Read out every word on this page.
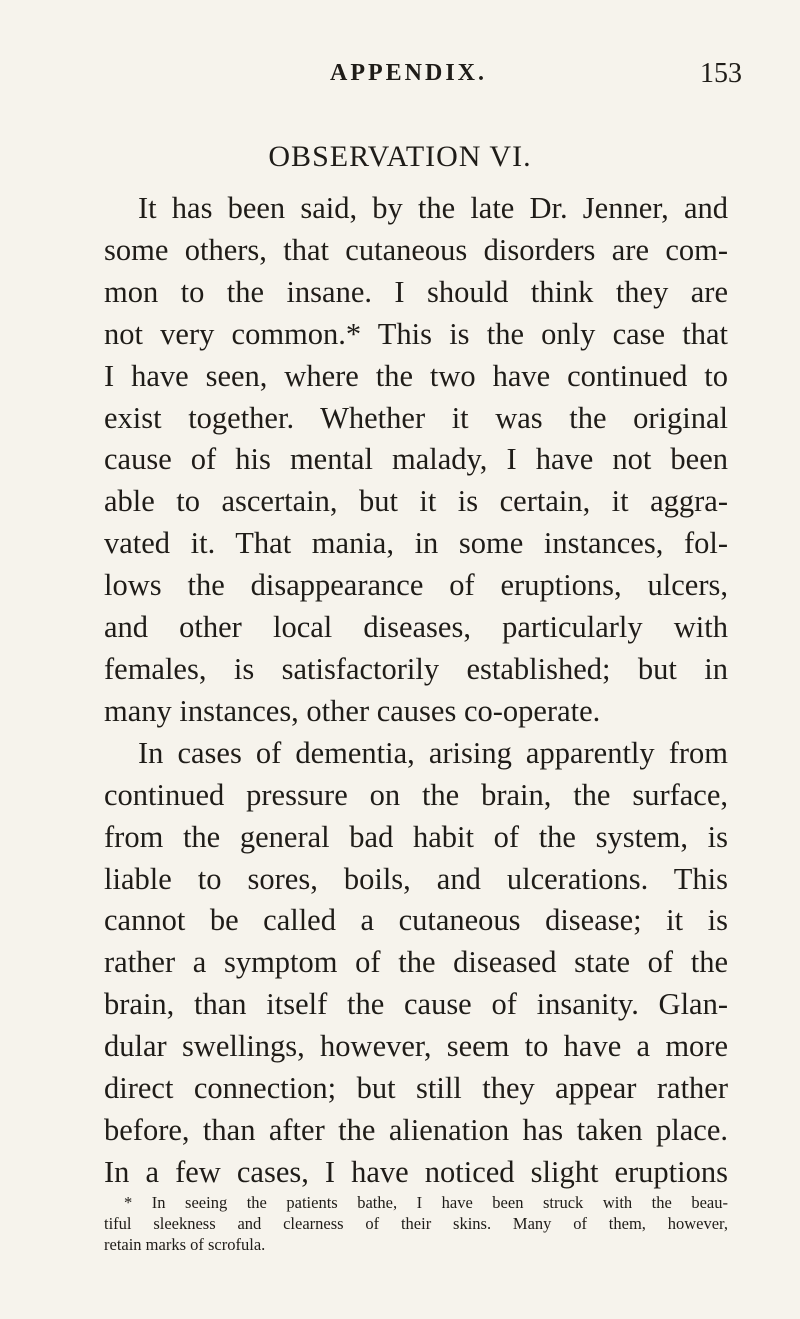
APPENDIX.	153
OBSERVATION VI.
It has been said, by the late Dr. Jenner, and
some others, that cutaneous disorders are com-
mon to the insane. I should think they are
not very common.* This is the only case that
I have seen, where the two have continued to
exist together. Whether it was the original
cause of his mental malady, I have not been
able to ascertain, but it is certain, it aggra-
vated it. That mania, in some instances, fol-
lows the disappearance of eruptions, ulcers,
and other local diseases, particularly with
females, is satisfactorily established; but in
many instances, other causes co-operate.
In cases of dementia, arising apparently from
continued pressure on the brain, the surface,
from the general bad habit of the system, is
liable to sores, boils, and ulcerations. This
cannot be called a cutaneous disease; it is
rather a symptom of the diseased state of the
brain, than itself the cause of insanity. Glan-
dular swellings, however, seem to have a more
direct connection; but still they appear rather
before, than after the alienation has taken place.
In a few cases, I have noticed slight eruptions
* In seeing the patients bathe, I have been struck with the beau-
tiful sleekness and clearness of their skins. Many of them, however,
retain marks of scrofula.
